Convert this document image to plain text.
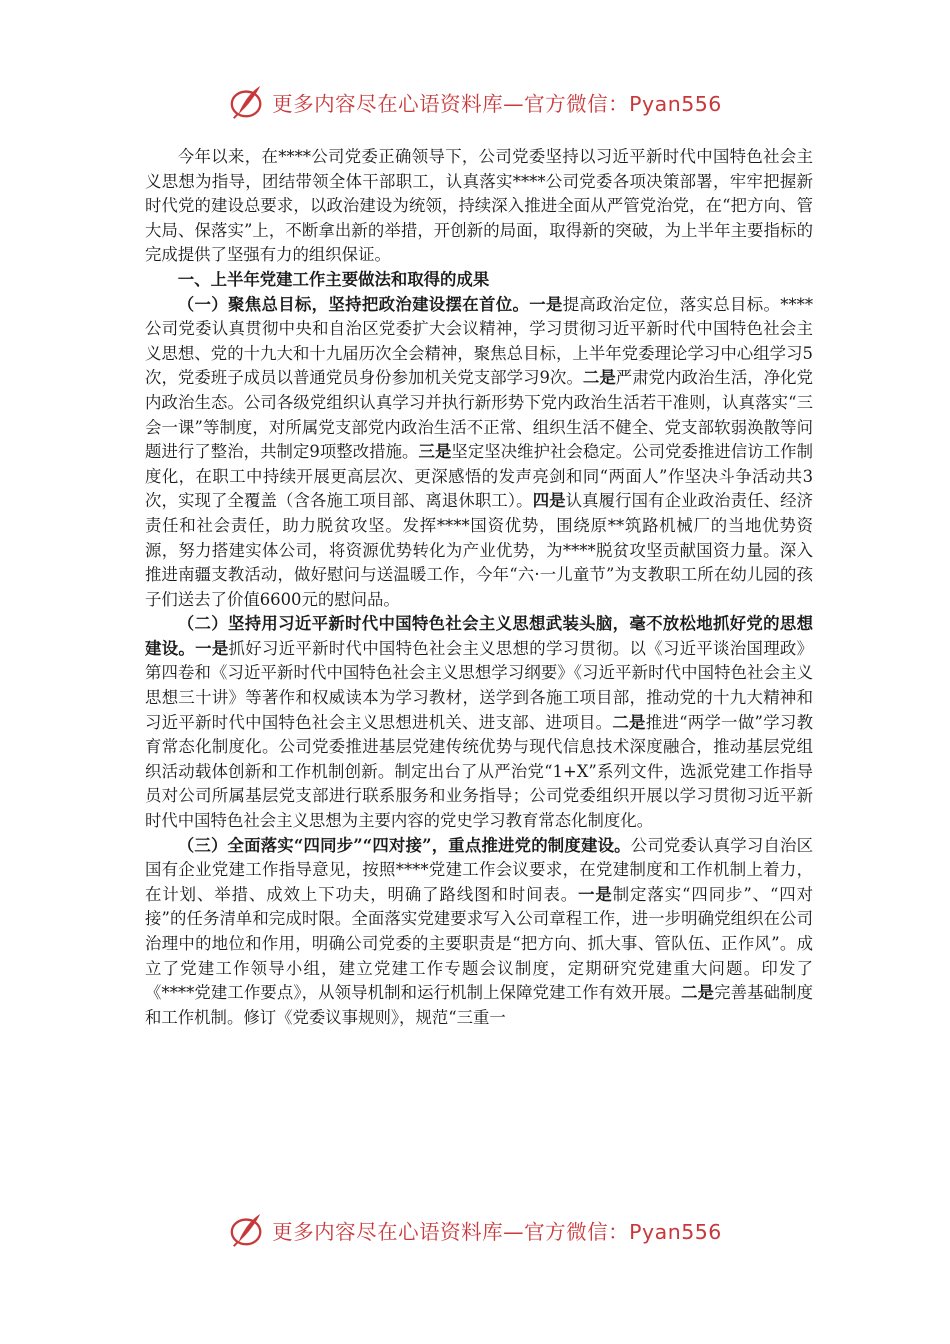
更多内容尽在心语资料库—官方微信：Pyan556

今年以来，在****公司党委正确领导下，公司党委坚持以习近平新时代中国特色社会主义思想为指导，团结带领全体干部职工，认真落实****公司党委各项决策部署，牢牢把握新时代党的建设总要求，以政治建设为统领，持续深入推进全面从严管党治党，在“把方向、管大局、保落实”上，不断拿出新的举措，开创新的局面，取得新的突破，为上半年主要指标的完成提供了坚强有力的组织保证。

一、上半年党建工作主要做法和取得的成果

（一）聚焦总目标，坚持把政治建设摆在首位。一是提高政治定位，落实总目标。****公司党委认真贯彻中央和自治区党委扩大会议精神，学习贯彻习近平新时代中国特色社会主义思想、党的十九大和十九届历次全会精神，聚焦总目标，上半年党委理论学习中心组学习5次，党委班子成员以普通党员身份参加机关党支部学习9次。二是严肃党内政治生活，净化党内政治生态。公司各级党组织认真学习并执行新形势下党内政治生活若干准则，认真落实“三会一课”等制度，对所属党支部党内政治生活不正常、组织生活不健全、党支部软弱涣散等问题进行了整治，共制定9项整改措施。三是坚定坚决维护社会稳定。公司党委推进信访工作制度化，在职工中持续开展更高层次、更深感悟的发声亮剑和同“两面人”作坚决斗争活动共3次，实现了全覆盖（含各施工项目部、离退休职工）。四是认真履行国有企业政治责任、经济责任和社会责任，助力脱贫攻坚。发挥****国资优势，围绕原**筑路机械厂的当地优势资源，努力搭建实体公司，将资源优势转化为产业优势，为****脱贫攻坚贡献国资力量。深入推进南疆支教活动，做好慰问与送温暖工作，今年“六·一儿童节”为支教职工所在幼儿园的孩子们送去了价值6600元的慰问品。

（二）坚持用习近平新时代中国特色社会主义思想武装头脑，毫不放松地抓好党的思想建设。一是抓好习近平新时代中国特色社会主义思想的学习贯彻。以《习近平谈治国理政》第四卷和《习近平新时代中国特色社会主义思想学习纲要》《习近平新时代中国特色社会主义思想三十讲》等著作和权威读本为学习教材，送学到各施工项目部，推动党的十九大精神和习近平新时代中国特色社会主义思想进机关、进支部、进项目。二是推进“两学一做”学习教育常态化制度化。公司党委推进基层党建传统优势与现代信息技术深度融合，推动基层党组织活动载体创新和工作机制创新。制定出台了从严治党“1+X”系列文件，选派党建工作指导员对公司所属基层党支部进行联系服务和业务指导；公司党委组织开展以学习贯彻习近平新时代中国特色社会主义思想为主要内容的党史学习教育常态化制度化。

（三）全面落实“四同步”“四对接”，重点推进党的制度建设。公司党委认真学习自治区国有企业党建工作指导意见，按照****党建工作会议要求，在党建制度和工作机制上着力，在计划、举措、成效上下功夫，明确了路线图和时间表。一是制定落实“四同步”、“四对接”的任务清单和完成时限。全面落实党建要求写入公司章程工作，进一步明确党组织在公司治理中的地位和作用，明确公司党委的主要职责是“把方向、抓大事、管队伍、正作风”。成立了党建工作领导小组，建立党建工作专题会议制度，定期研究党建重大问题。印发了《****党建工作要点》，从领导机制和运行机制上保障党建工作有效开展。二是完善基础制度和工作机制。修订《党委议事规则》，规范“三重一

更多内容尽在心语资料库—官方微信：Pyan556
